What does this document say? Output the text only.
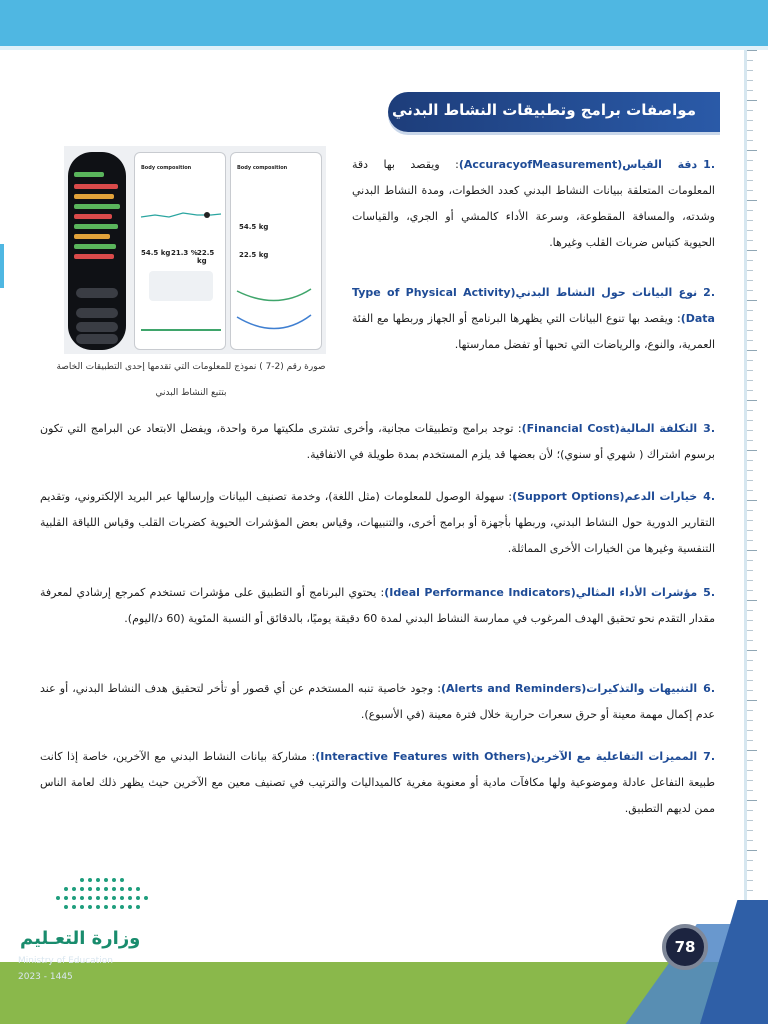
مواصفات برامج وتطبيقات النشاط البدني
Body composition
54.5 kg 21.3 % 22.5 kg
Body composition
54.5 kg
22.5 kg
صورة رقم (2-7 ) نموذج للمعلومات التي تقدمها إحدى التطبيقات الخاصة
بتتبع النشاط البدني
.1دقة القياس(AccuracyofMeasurement): ويقصد بها دقة المعلومات المتعلقة ببيانات النشاط البدني كعدد الخطوات، ومدة النشاط البدني وشدته، والمسافة المقطوعة، وسرعة الأداء كالمشي أو الجري، والقياسات الحيوية كتياس ضربات القلب وغيرها.
.2نوع البيانات حول النشاط البدني(Type of Physical Activity Data): ويقصد بها تنوع البيانات التي يظهرها البرنامج أو الجهاز وربطها مع الفئة العمرية، والنوع، والرياضات التي تحبها أو تفضل ممارستها.
.3التكلفة المالية(Financial Cost): توجد برامج وتطبيقات مجانية، وأخرى تشترى ملكيتها مرة واحدة، ويفضل الابتعاد عن البرامج التي تكون برسوم اشتراك ( شهري أو سنوي)؛ لأن بعضها قد يلزم المستخدم بمدة طويلة في الاتفاقية.
.4خيارات الدعم(Support Options): سهولة الوصول للمعلومات (مثل اللغة)، وخدمة تصنيف البيانات وإرسالها عبر البريد الإلكتروني، وتقديم التقارير الدورية حول النشاط البدني، وربطها بأجهزة أو برامج أخرى، والتنبيهات، وقياس بعض المؤشرات الحيوية كضربات القلب وقياس اللياقة القلبية التنفسية وغيرها من الخيارات الأخرى المماثلة.
.5مؤشرات الأداء المثالي(Ideal Performance Indicators): يحتوي البرنامج أو التطبيق على مؤشرات تستخدم كمرجع إرشادي لمعرفة مقدار التقدم نحو تحقيق الهدف المرغوب في ممارسة النشاط البدني لمدة 60 دقيقة يوميًا، بالدقائق أو النسبة المئوية (60 د/اليوم).
.6التنبيهات والتذكيرات(Alerts and Reminders): وجود خاصية تنبه المستخدم عن أي قصور أو تأخر لتحقيق هدف النشاط البدني، أو عند عدم إكمال مهمة معينة أو حرق سعرات حرارية خلال فترة معينة (في الأسبوع).
.7المميزات التفاعلية مع الآخرين(Interactive Features with Others): مشاركة بيانات النشاط البدني مع الآخرين، خاصة إذا كانت طبيعة التفاعل عادلة وموضوعية ولها مكافآت مادية أو معنوية مغرية كالميداليات والترتيب في تصنيف معين مع الآخرين حيث يظهر ذلك لعامة الناس ممن لديهم التطبيق.
وزارة التعـليم
Ministry of Education
2023 - 1445
78
